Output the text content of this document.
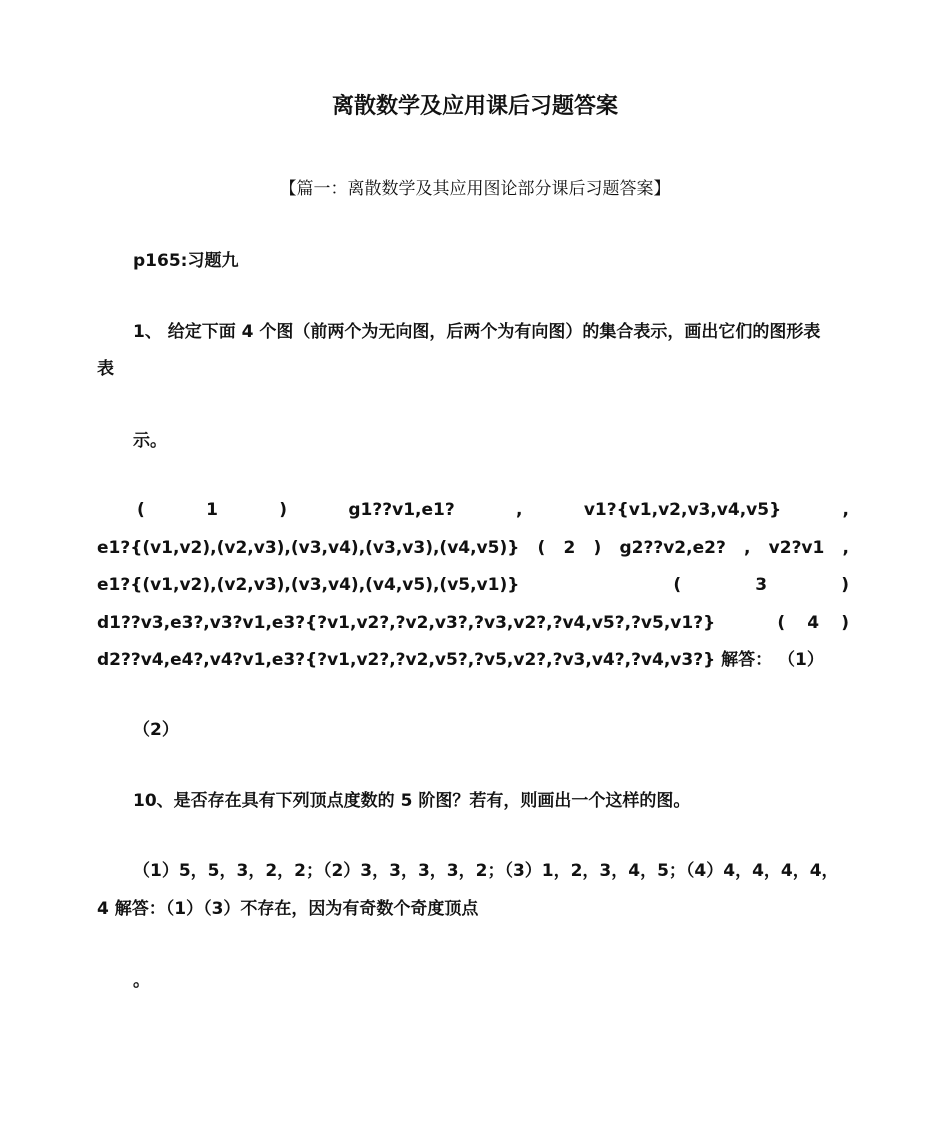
离散数学及应用课后习题答案
【篇一：离散数学及其应用图论部分课后习题答案】
p165:习题九
1、 给定下面 4 个图（前两个为无向图，后两个为有向图）的集合表示，画出它们的图形表
表
示。
(	1	)	g1??v1,e1?	,	v1?{v1,v2,v3,v4,v5}	,
e1?{(v1,v2),(v2,v3),(v3,v4),(v3,v3),(v4,v5)} ( 2 ) g2??v2,e2? , v2?v1 ,
e1?{(v1,v2),(v2,v3),(v3,v4),(v4,v5),(v5,v1)}	(	3	)
d1??v3,e3?,v3?v1,e3?{?v1,v2?,?v2,v3?,?v3,v2?,?v4,v5?,?v5,v1?}	( 4 )
d2??v4,e4?,v4?v1,e3?{?v1,v2?,?v2,v5?,?v5,v2?,?v3,v4?,?v4,v3?} 解答： （1）
（2）
10、是否存在具有下列顶点度数的 5 阶图？若有，则画出一个这样的图。
（1）5，5，3，2，2；（2）3，3，3，3，2；（3）1，2，3，4，5；（4）4，4，4，4，
4 解答：（1）（3）不存在，因为有奇数个奇度顶点
。
